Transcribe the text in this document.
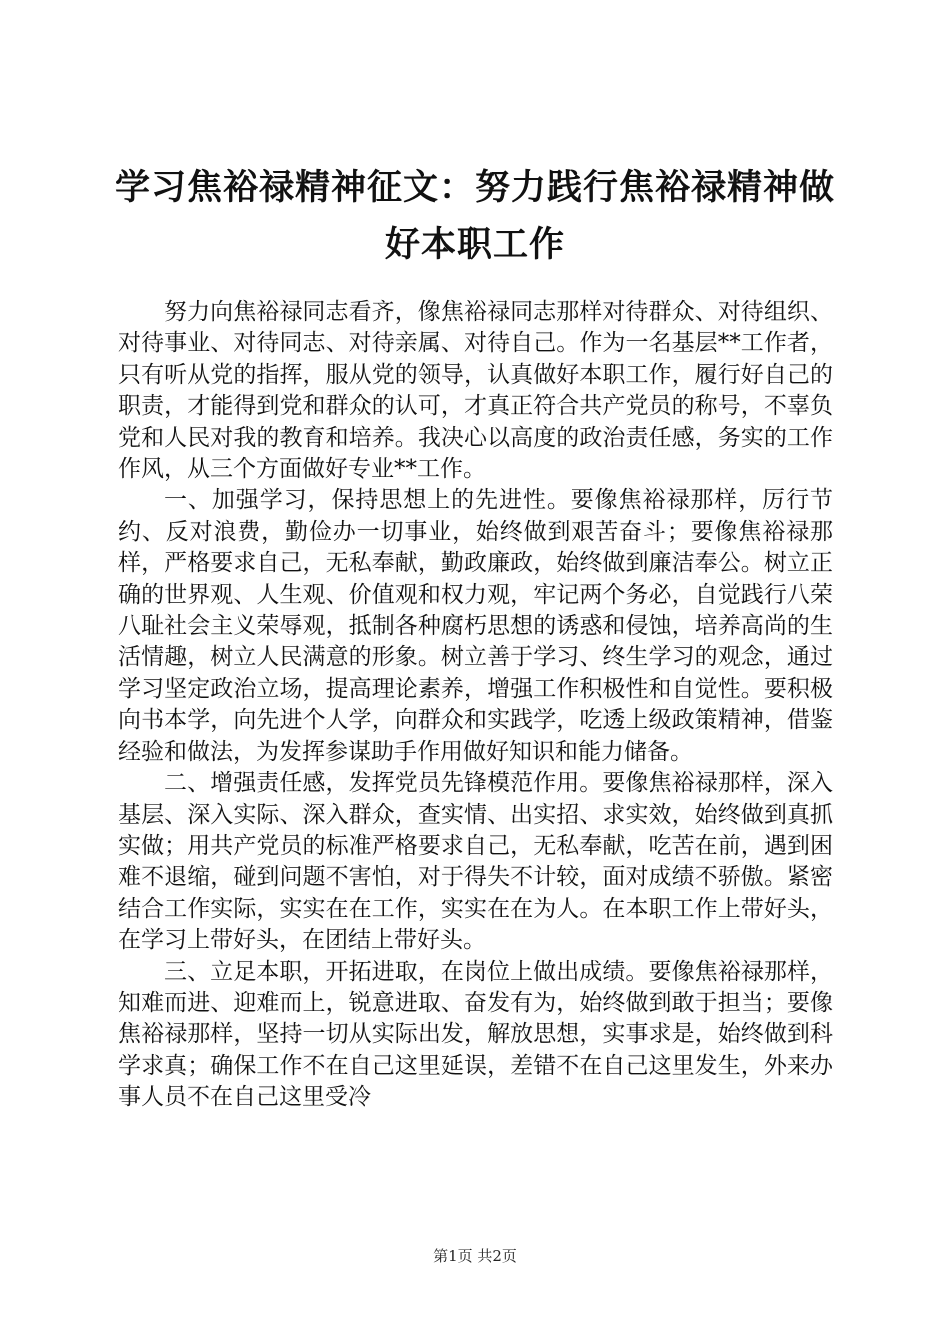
学习焦裕禄精神征文：努力践行焦裕禄精神做好本职工作

努力向焦裕禄同志看齐，像焦裕禄同志那样对待群众、对待组织、对待事业、对待同志、对待亲属、对待自己。作为一名基层**工作者，只有听从党的指挥，服从党的领导，认真做好本职工作，履行好自己的职责，才能得到党和群众的认可，才真正符合共产党员的称号，不辜负党和人民对我的教育和培养。我决心以高度的政治责任感，务实的工作作风，从三个方面做好专业**工作。

一、加强学习，保持思想上的先进性。要像焦裕禄那样，厉行节约、反对浪费，勤俭办一切事业，始终做到艰苦奋斗；要像焦裕禄那样，严格要求自己，无私奉献，勤政廉政，始终做到廉洁奉公。树立正确的世界观、人生观、价值观和权力观，牢记两个务必，自觉践行八荣八耻社会主义荣辱观，抵制各种腐朽思想的诱惑和侵蚀，培养高尚的生活情趣，树立人民满意的形象。树立善于学习、终生学习的观念，通过学习坚定政治立场，提高理论素养，增强工作积极性和自觉性。要积极向书本学，向先进个人学，向群众和实践学，吃透上级政策精神，借鉴经验和做法，为发挥参谋助手作用做好知识和能力储备。

二、增强责任感，发挥党员先锋模范作用。要像焦裕禄那样，深入基层、深入实际、深入群众，查实情、出实招、求实效，始终做到真抓实做；用共产党员的标准严格要求自己，无私奉献，吃苦在前，遇到困难不退缩，碰到问题不害怕，对于得失不计较，面对成绩不骄傲。紧密结合工作实际，实实在在工作，实实在在为人。在本职工作上带好头，在学习上带好头，在团结上带好头。

三、立足本职，开拓进取，在岗位上做出成绩。要像焦裕禄那样，知难而进、迎难而上，锐意进取、奋发有为，始终做到敢于担当；要像焦裕禄那样，坚持一切从实际出发，解放思想，实事求是，始终做到科学求真；确保工作不在自己这里延误，差错不在自己这里发生，外来办事人员不在自己这里受冷

第1页 共2页
